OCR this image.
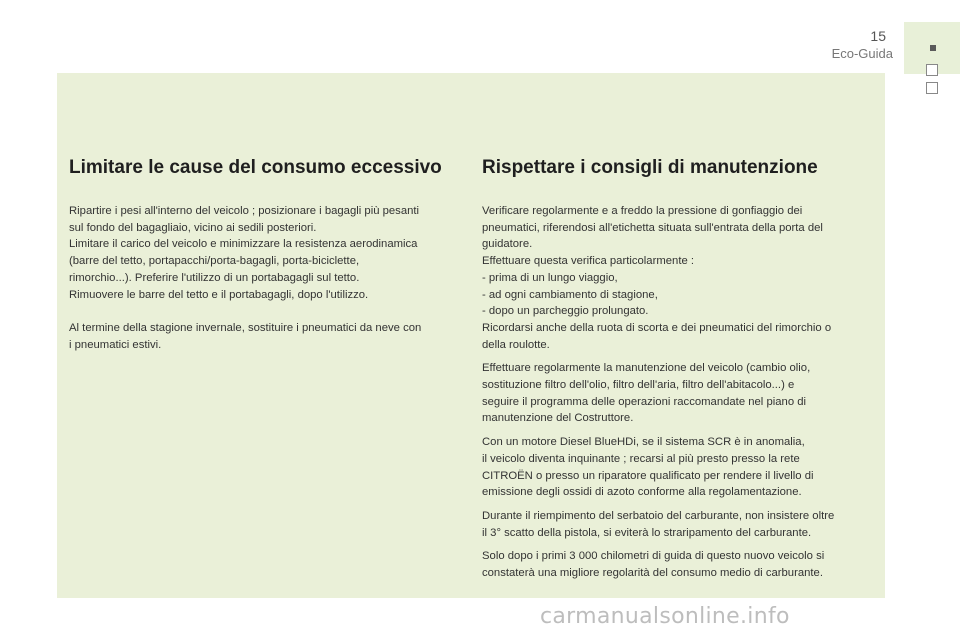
15
Eco-Guida
Limitare le cause del consumo eccessivo

Ripartire i pesi all'interno del veicolo ; posizionare i bagagli più pesanti
sul fondo del bagagliaio, vicino ai sedili posteriori.
Limitare il carico del veicolo e minimizzare la resistenza aerodinamica
(barre del tetto, portapacchi/porta-bagagli, porta-biciclette,
rimorchio...). Preferire l'utilizzo di un portabagagli sul tetto.
Rimuovere le barre del tetto e il portabagagli, dopo l'utilizzo.

Al termine della stagione invernale, sostituire i pneumatici da neve con
i pneumatici estivi.

Rispettare i consigli di manutenzione

Verificare regolarmente e a freddo la pressione di gonfiaggio dei
pneumatici, riferendosi all'etichetta situata sull'entrata della porta del
guidatore.
Effettuare questa verifica particolarmente :
- prima di un lungo viaggio,
- ad ogni cambiamento di stagione,
- dopo un parcheggio prolungato.
Ricordarsi anche della ruota di scorta e dei pneumatici del rimorchio o
della roulotte.

Effettuare regolarmente la manutenzione del veicolo (cambio olio,
sostituzione filtro dell'olio, filtro dell'aria, filtro dell'abitacolo...) e
seguire il programma delle operazioni raccomandate nel piano di
manutenzione del Costruttore.

Con un motore Diesel BlueHDi, se il sistema SCR è in anomalia,
il veicolo diventa inquinante ; recarsi al più presto presso la rete
CITROËN o presso un riparatore qualificato per rendere il livello di
emissione degli ossidi di azoto conforme alla regolamentazione.

Durante il riempimento del serbatoio del carburante, non insistere oltre
il 3° scatto della pistola, si eviterà lo straripamento del carburante.

Solo dopo i primi 3 000 chilometri di guida di questo nuovo veicolo si
constaterà una migliore regolarità del consumo medio di carburante.

carmanualsonline.info
